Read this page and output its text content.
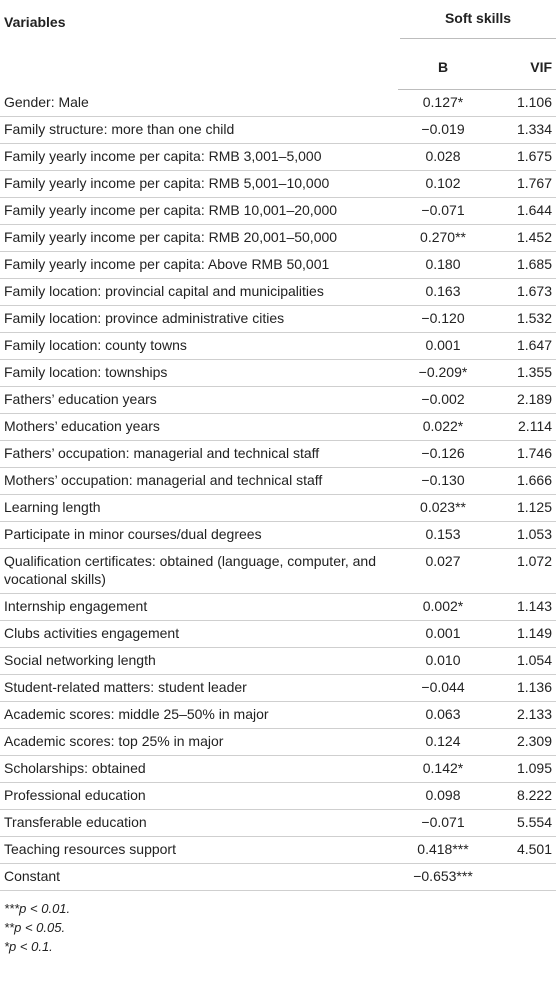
Variables	Soft skills	

	B	VIF
Gender: Male	0.127*	1.106
Family structure: more than one child	−0.019	1.334
Family yearly income per capita: RMB 3,001–5,000	0.028	1.675
Family yearly income per capita: RMB 5,001–10,000	0.102	1.767
Family yearly income per capita: RMB 10,001–20,000	−0.071	1.644
Family yearly income per capita: RMB 20,001–50,000	0.270**	1.452
Family yearly income per capita: Above RMB 50,001	0.180	1.685
Family location: provincial capital and municipalities	0.163	1.673
Family location: province administrative cities	−0.120	1.532
Family location: county towns	0.001	1.647
Family location: townships	−0.209*	1.355
Fathers’ education years	−0.002	2.189
Mothers’ education years	0.022*	2.114
Fathers’ occupation: managerial and technical staff	−0.126	1.746
Mothers’ occupation: managerial and technical staff	−0.130	1.666
Learning length	0.023**	1.125
Participate in minor courses/dual degrees	0.153	1.053
Qualification certificates: obtained (language, computer, and vocational skills)	0.027	1.072
Internship engagement	0.002*	1.143
Clubs activities engagement	0.001	1.149
Social networking length	0.010	1.054
Student-related matters: student leader	−0.044	1.136
Academic scores: middle 25–50% in major	0.063	2.133
Academic scores: top 25% in major	0.124	2.309
Scholarships: obtained	0.142*	1.095
Professional education	0.098	8.222
Transferable education	−0.071	5.554
Teaching resources support	0.418***	4.501
Constant	−0.653***	
***p < 0.01.
**p < 0.05.
*p < 0.1.
